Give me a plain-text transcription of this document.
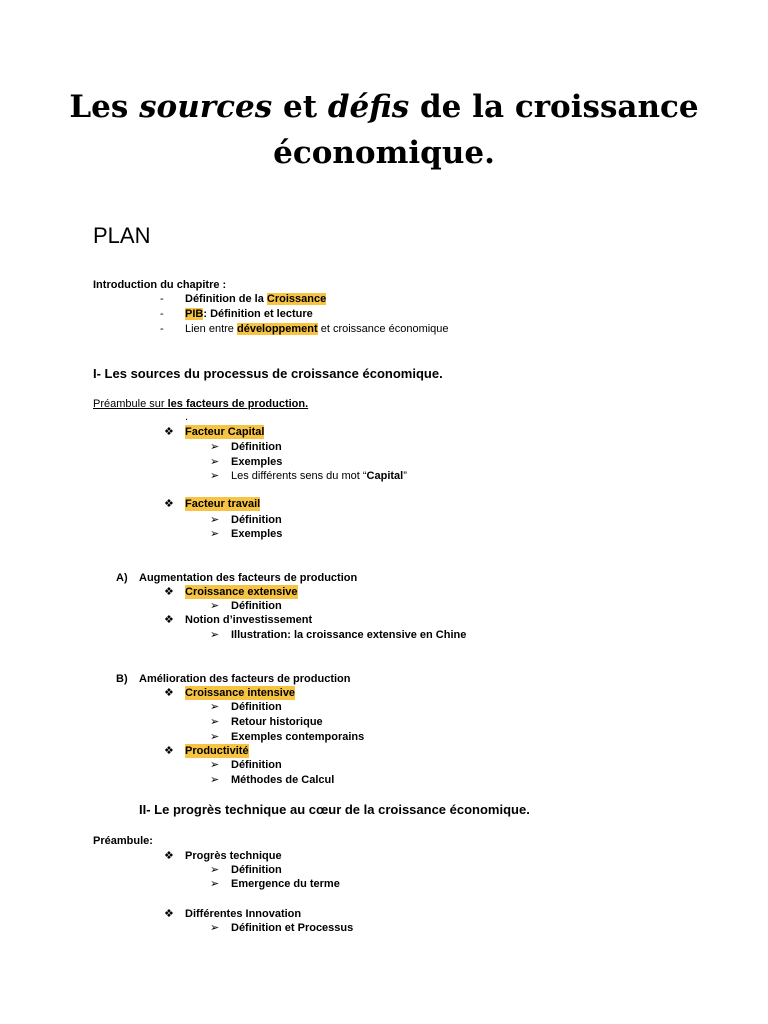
Les sources et défis de la croissance
économique.
PLAN
Introduction du chapitre :
- Définition de la Croissance
- PIB: Définition et lecture
- Lien entre développement et croissance économique
I- Les sources du processus de croissance économique.
Préambule sur les facteurs de production.
.
❖ Facteur Capital
➢ Définition
➢ Exemples
➢ Les différents sens du mot “Capital”
❖ Facteur travail
➢ Définition
➢ Exemples
A) Augmentation des facteurs de production
❖ Croissance extensive
➢ Définition
❖ Notion d’investissement
➢ Illustration: la croissance extensive en Chine
B) Amélioration des facteurs de production
❖ Croissance intensive
➢ Définition
➢ Retour historique
➢ Exemples contemporains
❖ Productivité
➢ Définition
➢ Méthodes de Calcul
II- Le progrès technique au cœur de la croissance économique.
Préambule:
❖ Progrès technique
➢ Définition
➢ Emergence du terme
❖ Différentes Innovation
➢ Définition et Processus
